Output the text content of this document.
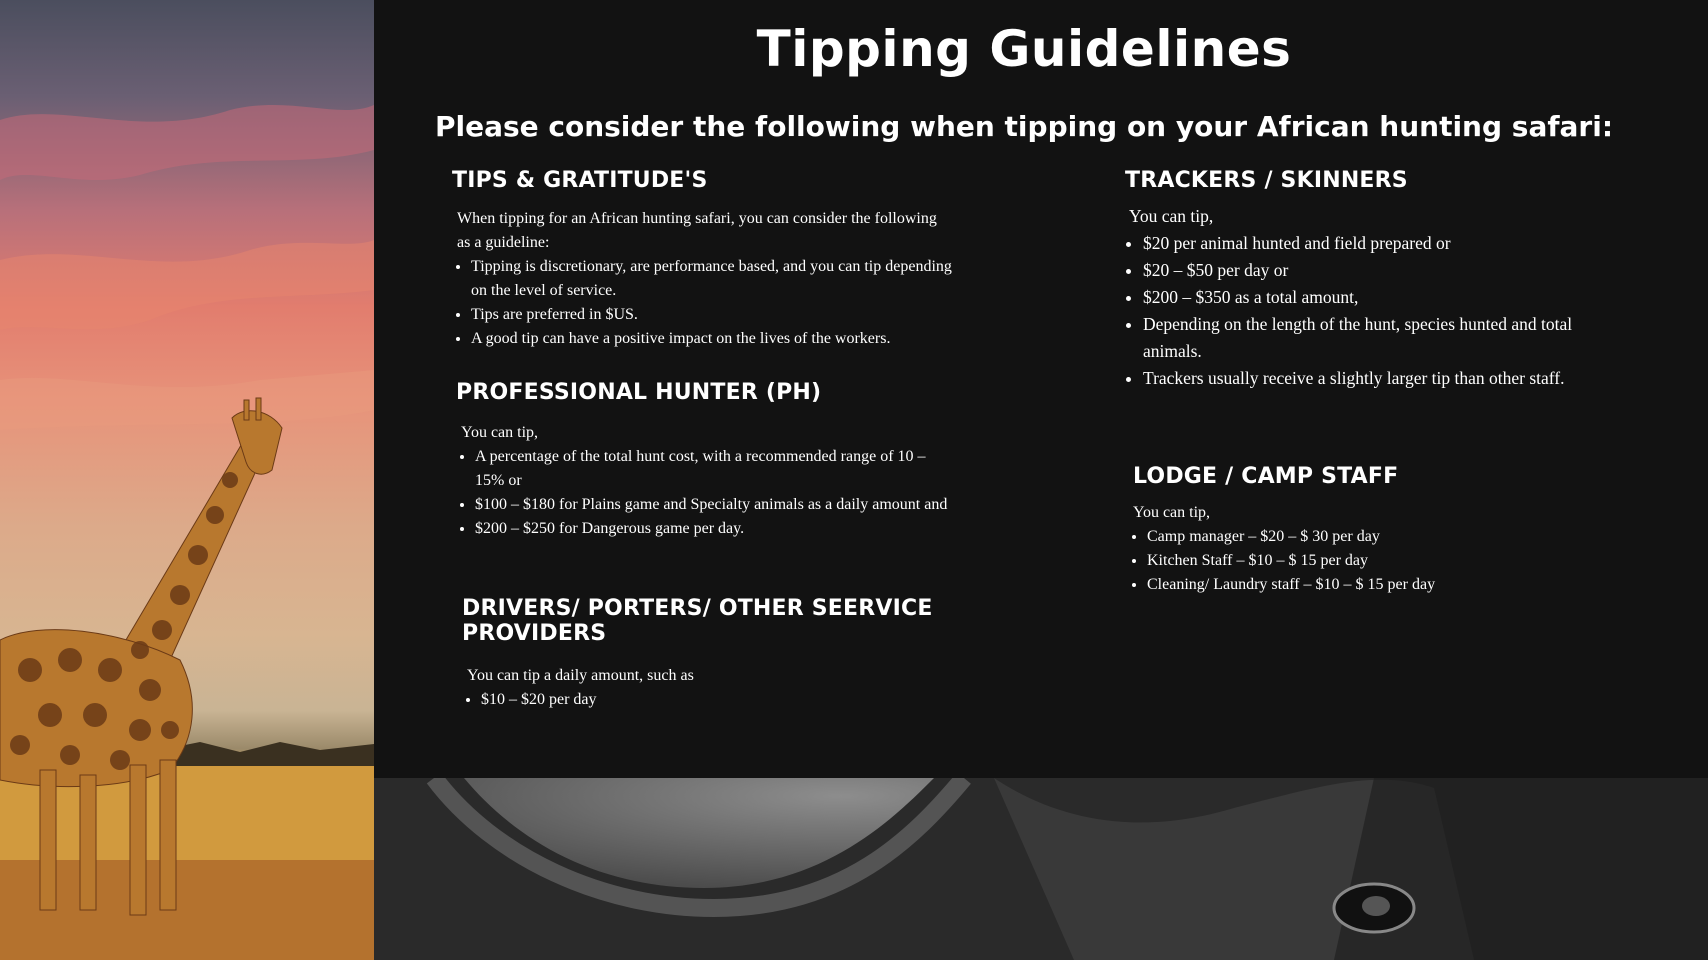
Tipping Guidelines
Please consider the following when tipping on your African hunting safari:
TIPS & GRATITUDE'S

When tipping for an African hunting safari, you can consider the following as a guideline:

• Tipping is discretionary, are performance based, and you can tip depending on the level of service.
• Tips are preferred in $US.
• A good tip can have a positive impact on the lives of the workers.
PROFESSIONAL HUNTER (PH)

You can tip,

• A percentage of the total hunt cost, with a recommended range of 10 – 15% or
• $100 – $180 for Plains game and Specialty animals as a daily amount and
• $200 – $250 for Dangerous game per day.
DRIVERS/ PORTERS/ OTHER SEERVICE PROVIDERS

You can tip a daily amount, such as

• $10 – $20 per day
TRACKERS / SKINNERS

You can tip,

• $20 per animal hunted and field prepared or
• $20 – $50 per day or
• $200 – $350 as a total amount,
• Depending on the length of the hunt, species hunted and total animals.
• Trackers usually receive a slightly larger tip than other staff.
LODGE / CAMP STAFF

You can tip,

• Camp manager – $20 – $ 30 per day
• Kitchen Staff – $10 – $ 15 per day
• Cleaning/ Laundry staff – $10 – $ 15 per day
